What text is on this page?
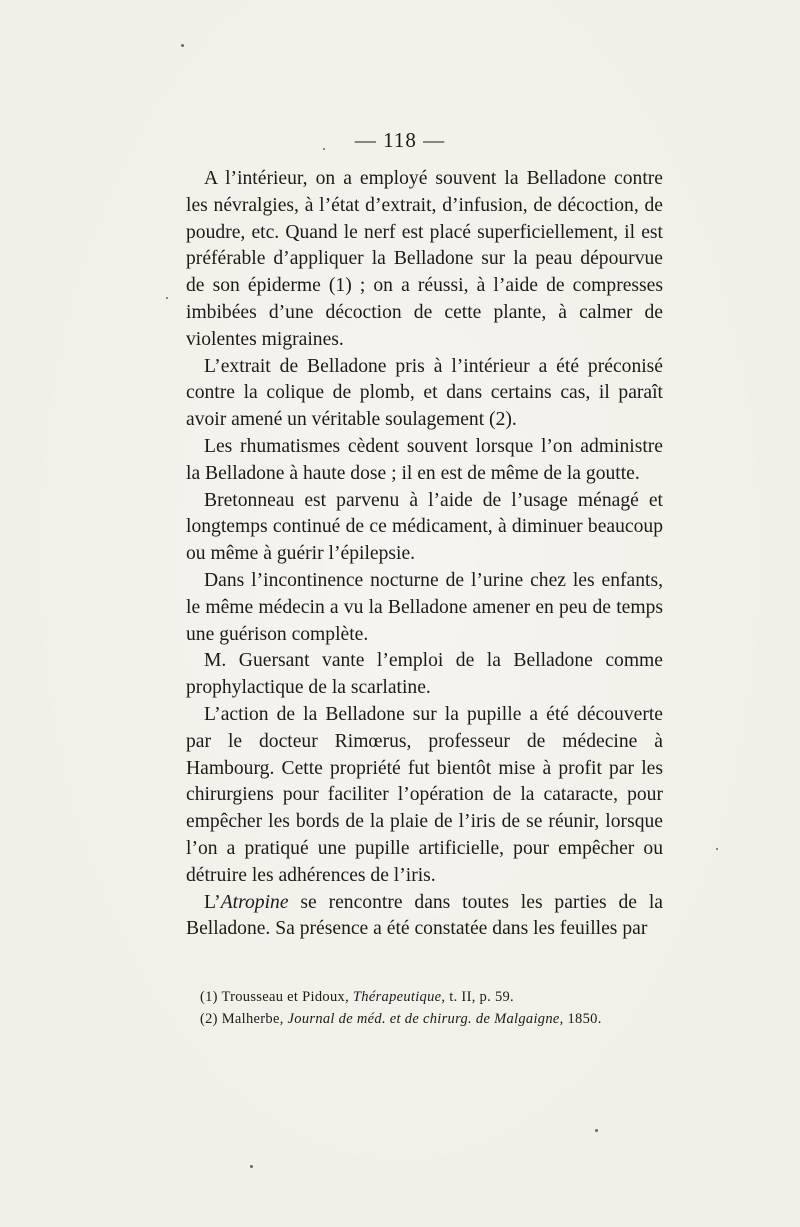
— 118 —

A l’intérieur, on a employé souvent la Belladone contre les névralgies, à l’état d’extrait, d’infusion, de décoction, de poudre, etc. Quand le nerf est placé superficiellement, il est préférable d’appliquer la Belladone sur la peau dépourvue de son épiderme (1) ; on a réussi, à l’aide de compresses imbibées d’une décoction de cette plante, à calmer de violentes migraines.

L’extrait de Belladone pris à l’intérieur a été préconisé contre la colique de plomb, et dans certains cas, il paraît avoir amené un véritable soulagement (2).

Les rhumatismes cèdent souvent lorsque l’on administre la Belladone à haute dose ; il en est de même de la goutte.

Bretonneau est parvenu à l’aide de l’usage ménagé et longtemps continué de ce médicament, à diminuer beaucoup ou même à guérir l’épilepsie.

Dans l’incontinence nocturne de l’urine chez les enfants, le même médecin a vu la Belladone amener en peu de temps une guérison complète.

M. Guersant vante l’emploi de la Belladone comme prophylactique de la scarlatine.

L’action de la Belladone sur la pupille a été découverte par le docteur Rimœrus, professeur de médecine à Hambourg. Cette propriété fut bientôt mise à profit par les chirurgiens pour faciliter l’opération de la cataracte, pour empêcher les bords de la plaie de l’iris de se réunir, lorsque l’on a pratiqué une pupille artificielle, pour empêcher ou détruire les adhérences de l’iris.

L’Atropine se rencontre dans toutes les parties de la Belladone. Sa présence a été constatée dans les feuilles par

(1) Trousseau et Pidoux, Thérapeutique, t. II, p. 59.
(2) Malherbe, Journal de méd. et de chirurg. de Malgaigne, 1850.
